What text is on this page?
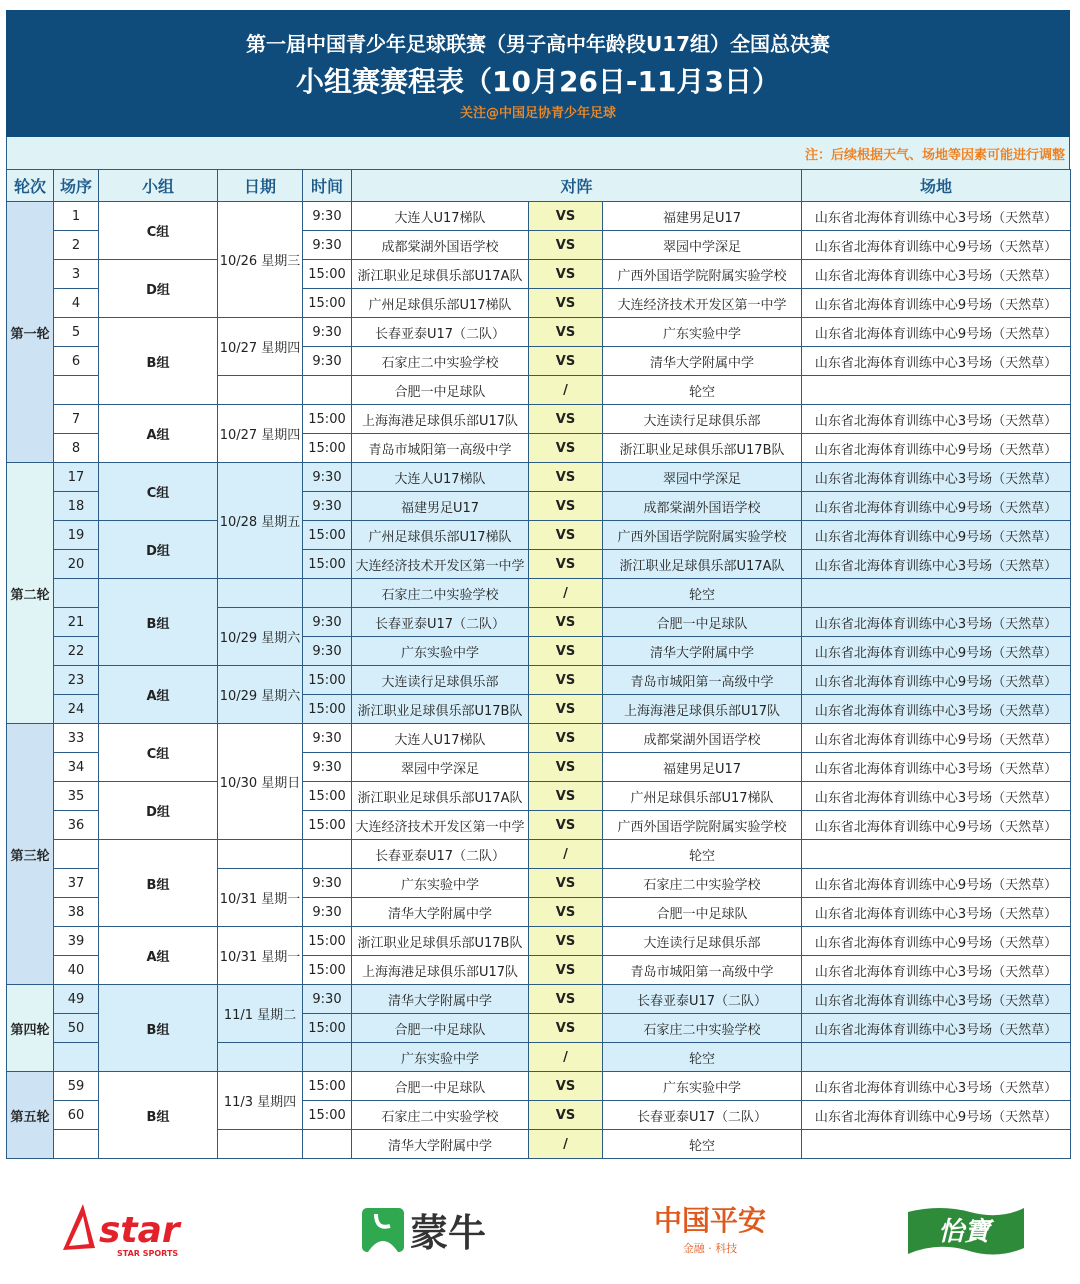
第一届中国青少年足球联赛（男子高中年龄段U17组）全国总决赛
小组赛赛程表（10月26日-11月3日）
关注@中国足协青少年足球
注：后续根据天气、场地等因素可能进行调整
轮次	场序	小组	日期	时间	对阵			场地
第一轮	1	C组	10/26 星期三	9:30	大连人U17梯队	VS	福建男足U17	山东省北海体育训练中心3号场（天然草）
	2			9:30	成都棠湖外国语学校	VS	翠园中学深足	山东省北海体育训练中心9号场（天然草）
	3	D组		15:00	浙江职业足球俱乐部U17A队	VS	广西外国语学院附属实验学校	山东省北海体育训练中心3号场（天然草）
	4			15:00	广州足球俱乐部U17梯队	VS	大连经济技术开发区第一中学	山东省北海体育训练中心9号场（天然草）
	5	B组	10/27 星期四	9:30	长春亚泰U17（二队）	VS	广东实验中学	山东省北海体育训练中心9号场（天然草）
	6			9:30	石家庄二中实验学校	VS	清华大学附属中学	山东省北海体育训练中心3号场（天然草）
					合肥一中足球队	/	轮空	
	7	A组	10/27 星期四	15:00	上海海港足球俱乐部U17队	VS	大连读行足球俱乐部	山东省北海体育训练中心3号场（天然草）
	8			15:00	青岛市城阳第一高级中学	VS	浙江职业足球俱乐部U17B队	山东省北海体育训练中心9号场（天然草）
第二轮	17	C组	10/28 星期五	9:30	大连人U17梯队	VS	翠园中学深足	山东省北海体育训练中心3号场（天然草）
	18			9:30	福建男足U17	VS	成都棠湖外国语学校	山东省北海体育训练中心9号场（天然草）
	19	D组		15:00	广州足球俱乐部U17梯队	VS	广西外国语学院附属实验学校	山东省北海体育训练中心9号场（天然草）
	20			15:00	大连经济技术开发区第一中学	VS	浙江职业足球俱乐部U17A队	山东省北海体育训练中心3号场（天然草）
		B组			石家庄二中实验学校	/	轮空	
	21		10/29 星期六	9:30	长春亚泰U17（二队）	VS	合肥一中足球队	山东省北海体育训练中心3号场（天然草）
	22			9:30	广东实验中学	VS	清华大学附属中学	山东省北海体育训练中心9号场（天然草）
	23	A组	10/29 星期六	15:00	大连读行足球俱乐部	VS	青岛市城阳第一高级中学	山东省北海体育训练中心9号场（天然草）
	24			15:00	浙江职业足球俱乐部U17B队	VS	上海海港足球俱乐部U17队	山东省北海体育训练中心3号场（天然草）
第三轮	33	C组	10/30 星期日	9:30	大连人U17梯队	VS	成都棠湖外国语学校	山东省北海体育训练中心9号场（天然草）
	34			9:30	翠园中学深足	VS	福建男足U17	山东省北海体育训练中心3号场（天然草）
	35	D组		15:00	浙江职业足球俱乐部U17A队	VS	广州足球俱乐部U17梯队	山东省北海体育训练中心3号场（天然草）
	36			15:00	大连经济技术开发区第一中学	VS	广西外国语学院附属实验学校	山东省北海体育训练中心9号场（天然草）
		B组			长春亚泰U17（二队）	/	轮空	
	37		10/31 星期一	9:30	广东实验中学	VS	石家庄二中实验学校	山东省北海体育训练中心9号场（天然草）
	38			9:30	清华大学附属中学	VS	合肥一中足球队	山东省北海体育训练中心3号场（天然草）
	39	A组	10/31 星期一	15:00	浙江职业足球俱乐部U17B队	VS	大连读行足球俱乐部	山东省北海体育训练中心9号场（天然草）
	40			15:00	上海海港足球俱乐部U17队	VS	青岛市城阳第一高级中学	山东省北海体育训练中心3号场（天然草）
第四轮	49	B组	11/1 星期二	9:30	清华大学附属中学	VS	长春亚泰U17（二队）	山东省北海体育训练中心3号场（天然草）
	50			15:00	合肥一中足球队	VS	石家庄二中实验学校	山东省北海体育训练中心3号场（天然草）
					广东实验中学	/	轮空	
第五轮	59	B组	11/3 星期四	15:00	合肥一中足球队	VS	广东实验中学	山东省北海体育训练中心3号场（天然草）
	60			15:00	石家庄二中实验学校	VS	长春亚泰U17（二队）	山东省北海体育训练中心9号场（天然草）
					清华大学附属中学	/	轮空	
star
STAR SPORTS	蒙牛	中国平安
金融 · 科技
怡寶
